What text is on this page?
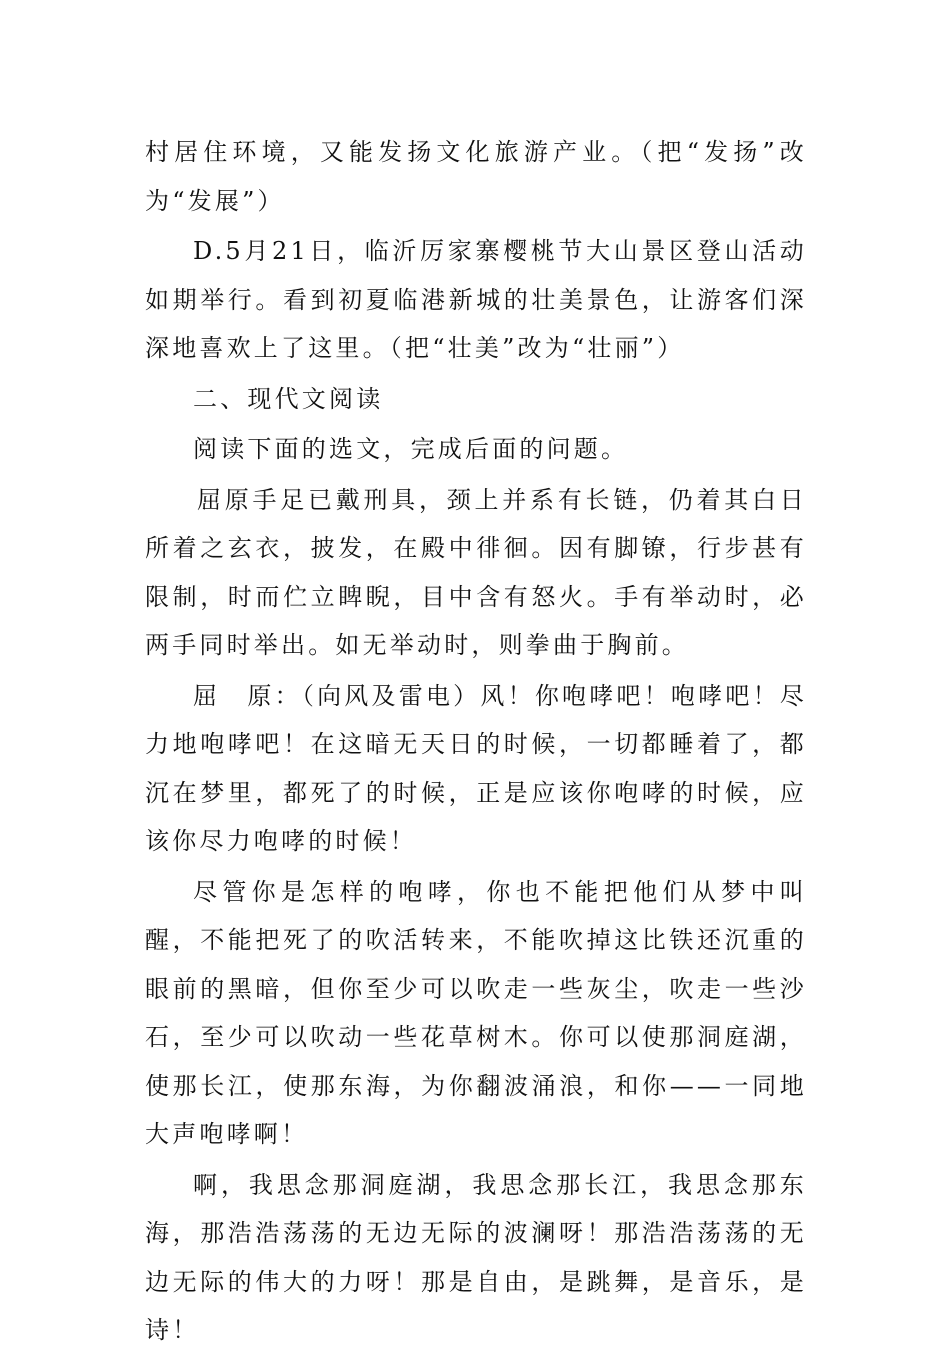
村居住环境，又能发扬文化旅游产业。（把“发扬”改为“发展”）

D.5月21日，临沂厉家寨樱桃节大山景区登山活动如期举行。看到初夏临港新城的壮美景色，让游客们深深地喜欢上了这里。（把“壮美”改为“壮丽”）

二、现代文阅读

阅读下面的选文，完成后面的问题。

屈原手足已戴刑具，颈上并系有长链，仍着其白日所着之玄衣，披发，在殿中徘徊。因有脚镣，行步甚有限制，时而伫立睥睨，目中含有怒火。手有举动时，必两手同时举出。如无举动时，则拳曲于胸前。

屈　原：（向风及雷电）风！你咆哮吧！咆哮吧！尽力地咆哮吧！在这暗无天日的时候，一切都睡着了，都沉在梦里，都死了的时候，正是应该你咆哮的时候，应该你尽力咆哮的时候！

尽管你是怎样的咆哮，你也不能把他们从梦中叫醒，不能把死了的吹活转来，不能吹掉这比铁还沉重的眼前的黑暗，但你至少可以吹走一些灰尘，吹走一些沙石，至少可以吹动一些花草树木。你可以使那洞庭湖，使那长江，使那东海，为你翻波涌浪，和你——一同地大声咆哮啊！

啊，我思念那洞庭湖，我思念那长江，我思念那东海，那浩浩荡荡的无边无际的波澜呀！那浩浩荡荡的无边无际的伟大的力呀！那是自由，是跳舞，是音乐，是诗！
